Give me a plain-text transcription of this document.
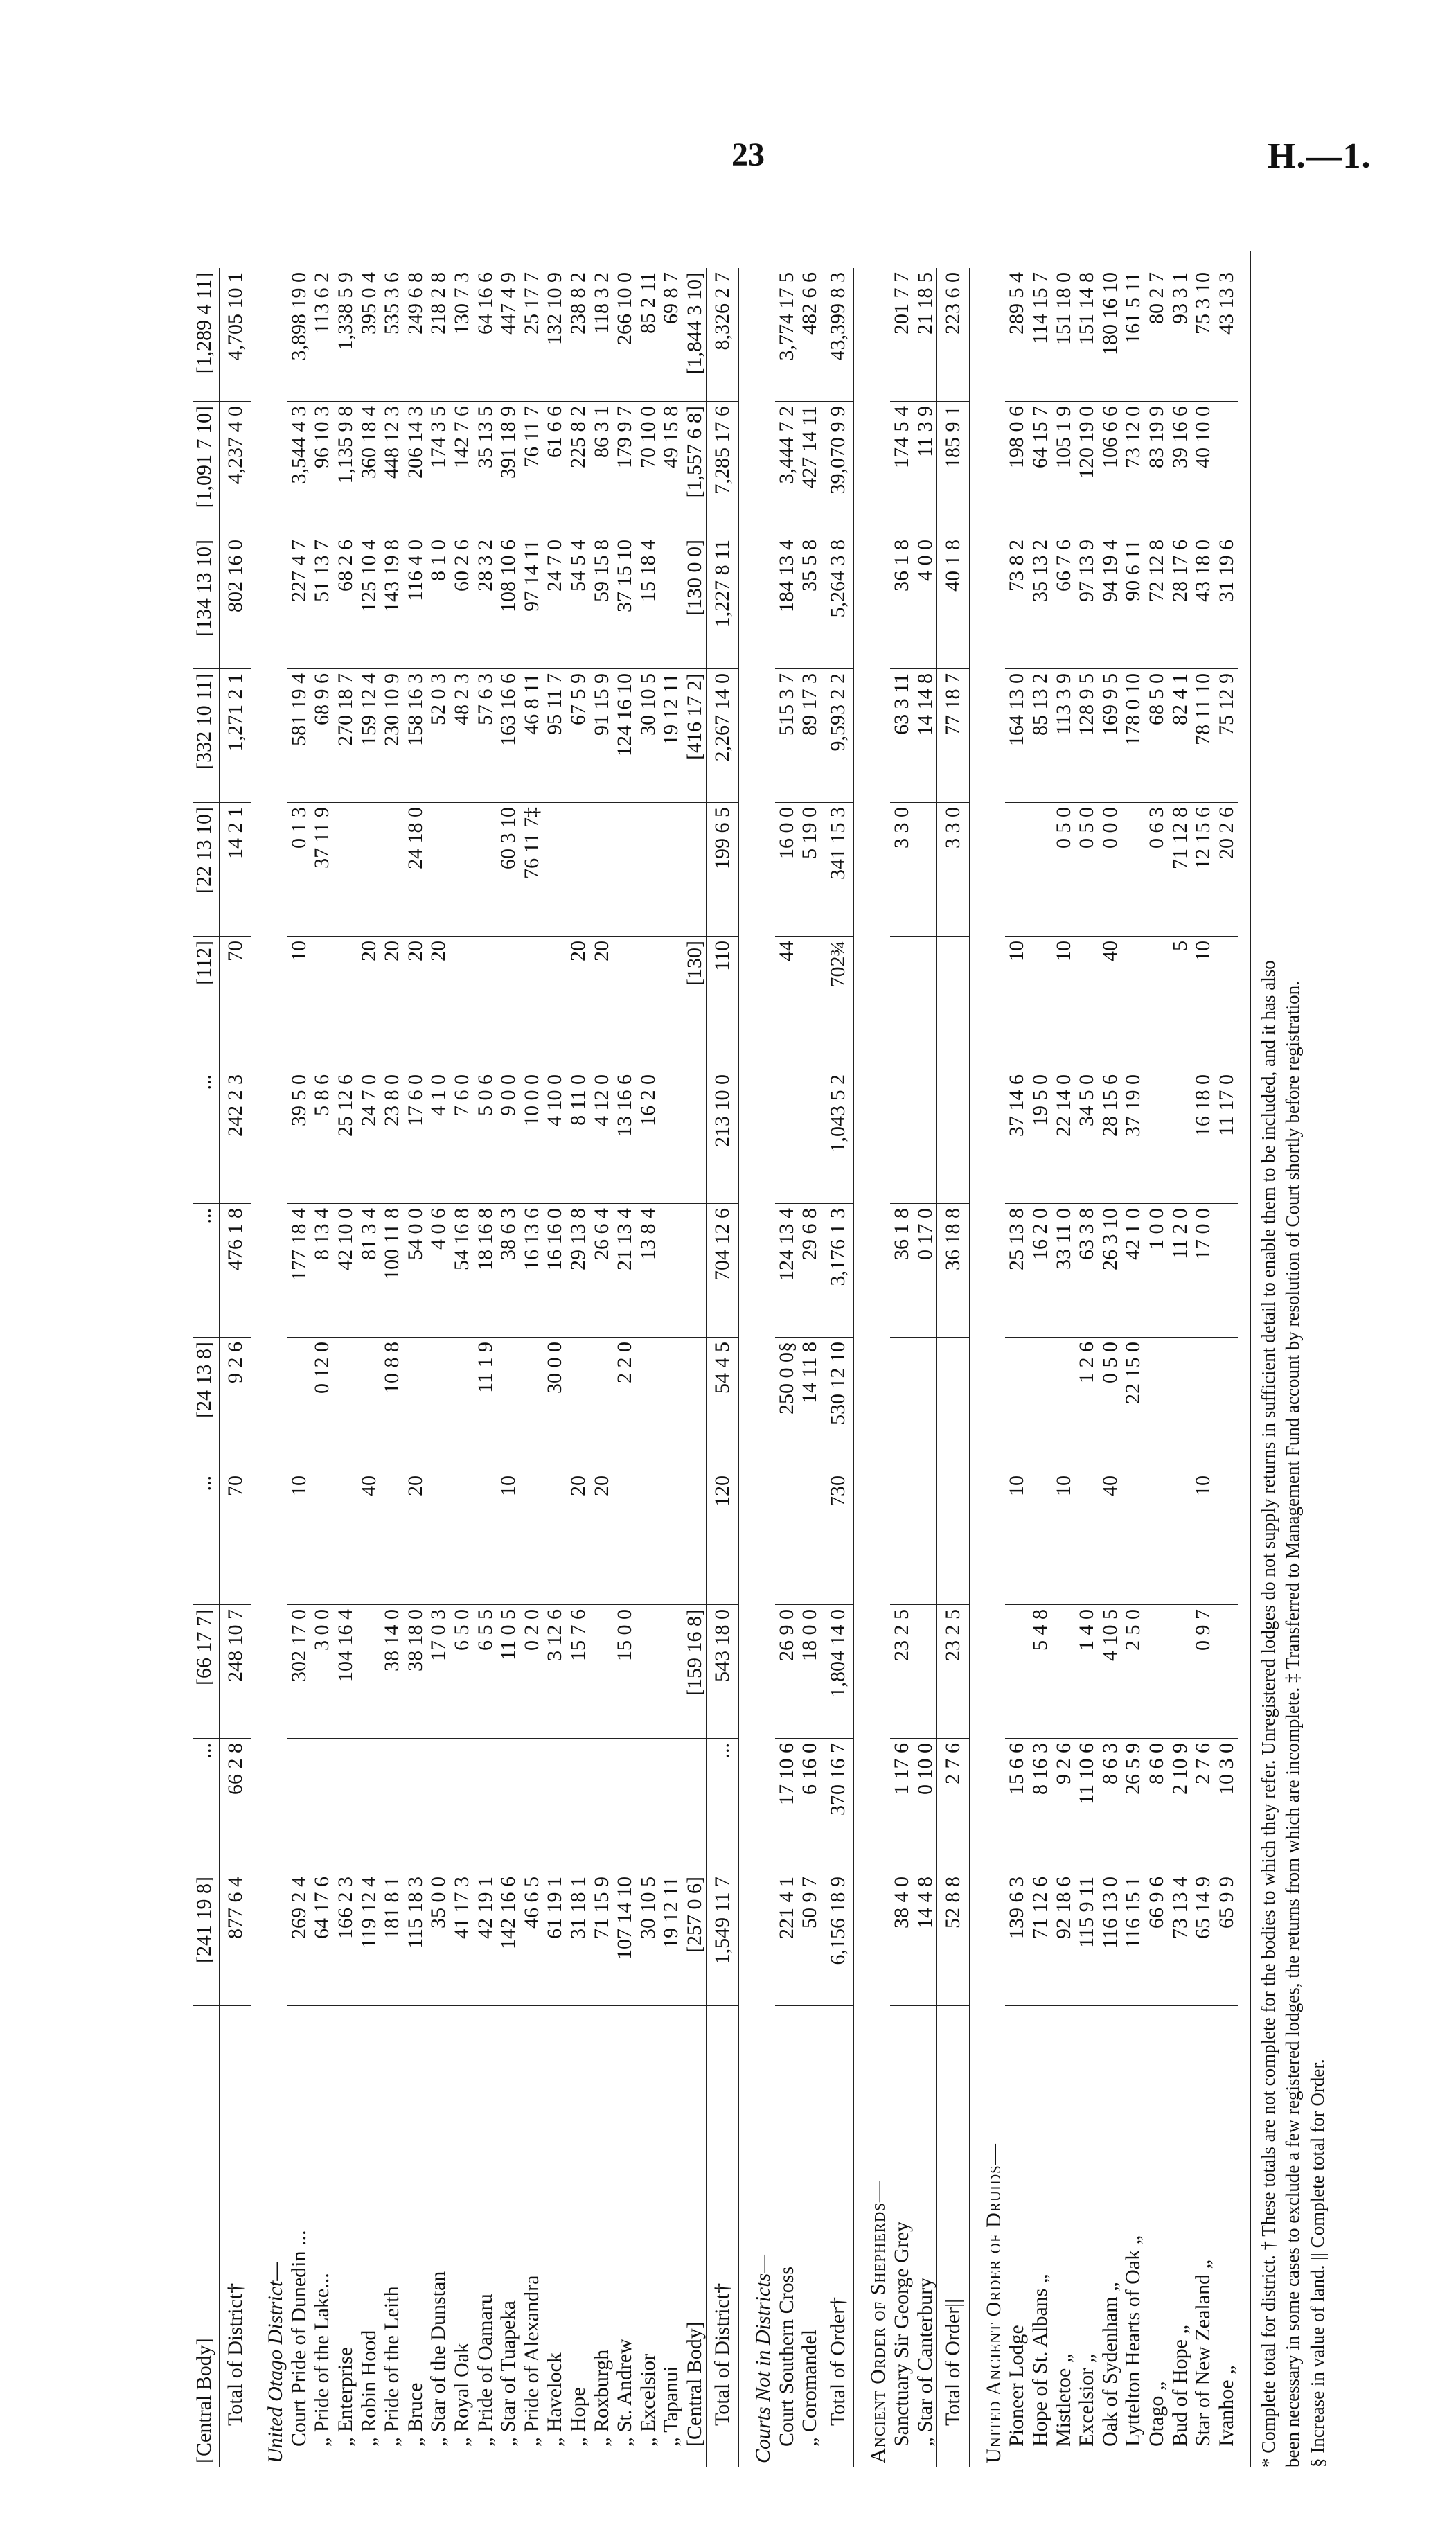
23	H.—1.
[Central Body]	[241 19 8]	...	[66 17 7]	...	[24 13 8]	...	...	[112]	[22 13 10]	[332 10 11]	[134 13 10]	[1,091 7 10]	[1,289 4 11]
Total of District†	877 6 4	66 2 8	248 10 7	70	9 2 6	476 1 8	242 2 3	70	14 2 1	1,271 2 1	802 16 0	4,237 4 0	4,705 10 1
United Otago District—													
Court Pride of Dunedin ...	269 2 4		302 17 0	10		177 18 4	39 5 0	10	0 1 3	581 19 4	227 4 7	3,544 4 3	3,898 19 0
„ Pride of the Lake...	64 17 6		3 0 0		0 12 0	8 13 4	5 8 6		37 11 9	68 9 6	51 13 7	96 10 3	113 6 2
„ Enterprise	166 2 3		104 16 4			42 10 0	25 12 6			270 18 7	68 2 6	1,135 9 8	1,338 5 9
„ Robin Hood	119 12 4			40		81 3 4	24 7 0	20		159 12 4	125 10 4	360 18 4	395 0 4
„ Pride of the Leith	181 8 1		38 14 0		10 8 8	100 11 8	23 8 0	20		230 10 9	143 19 8	448 12 3	535 3 6
„ Bruce	115 18 3		38 18 0	20		54 0 0	17 6 0	20	24 18 0	158 16 3	116 4 0	206 14 3	249 6 8
„ Star of the Dunstan	35 0 0		17 0 3			4 0 6	4 1 0	20		52 0 3	8 1 0	174 3 5	218 2 8
„ Royal Oak	41 17 3		6 5 0			54 16 8	7 6 0			48 2 3	60 2 6	142 7 6	130 7 3
„ Pride of Oamaru	42 19 1		6 5 5		11 1 9	18 16 8	5 0 6			57 6 3	28 3 2	35 13 5	64 16 6
„ Star of Tuapeka	142 16 6		11 0 5	10		38 6 3	9 0 0		60 3 10	163 16 6	108 10 6	391 18 9	447 4 9
„ Pride of Alexandra	46 6 5		0 2 0			16 13 6	10 0 0		76 11 7‡	46 8 11	97 14 11	76 11 7	25 17 7
„ Havelock	61 19 1		3 12 6		30 0 0	16 16 0	4 10 0			95 11 7	24 7 0	61 6 6	132 10 9
„ Hope	31 18 1		15 7 6	20		29 13 8	8 11 0	20		67 5 9	54 5 4	225 8 2	238 8 2
„ Roxburgh	71 15 9			20		26 6 4	4 12 0	20		91 15 9	59 15 8	86 3 1	118 3 2
„ St. Andrew	107 14 10		15 0 0		2 2 0	21 13 4	13 16 6			124 16 10	37 15 10	179 9 7	266 10 0
„ Excelsior	30 10 5					13 8 4	16 2 0			30 10 5	15 18 4	70 10 0	85 2 11
„ Tapanui	19 12 11									19 12 11		49 15 8	69 8 7
[Central Body]	[257 0 6]		[159 16 8]					[130]		[416 17 2]	[130 0 0]	[1,557 6 8]	[1,844 3 10]
Total of District†	1,549 11 7	...	543 18 0	120	54 4 5	704 12 6	213 10 0	110	199 6 5	2,267 14 0	1,227 8 11	7,285 17 6	8,326 2 7
Courts Not in Districts—													
Court Southern Cross	221 4 1	17 10 6	26 9 0		250 0 0§	124 13 4		44	16 0 0	515 3 7	184 13 4	3,444 7 2	3,774 17 5
„ Coromandel	50 9 7	6 16 0	18 0 0		14 11 8	29 6 8			5 19 0	89 17 3	35 5 8	427 14 11	482 6 6
Total of Order†	6,156 18 9	370 16 7	1,804 14 0	730	530 12 10	3,176 1 3	1,043 5 2	702¾	341 15 3	9,593 2 2	5,264 3 8	39,070 9 9	43,399 8 3
Ancient Order of Shepherds—													
Sanctuary Sir George Grey	38 4 0	1 17 6	23 2 5			36 1 8			3 3 0	63 3 11	36 1 8	174 5 4	201 7 7
„ Star of Canterbury	14 4 8	0 10 0				0 17 0				14 14 8	4 0 0	11 3 9	21 18 5
Total of Order||	52 8 8	2 7 6	23 2 5			36 18 8			3 3 0	77 18 7	40 1 8	185 9 1	223 6 0
United Ancient Order of Druids—													
Pioneer Lodge	139 6 3	15 6 6		10		25 13 8	37 14 6	10		164 13 0	73 8 2	198 0 6	289 5 4
Hope of St. Albans „	71 12 6	8 16 3	5 4 8			16 2 0	19 5 0			85 13 2	35 13 2	64 15 7	114 15 7
Mistletoe „	92 18 6	9 2 6		10		33 11 0	22 14 0	10	0 5 0	113 3 9	66 7 6	105 1 9	151 18 0
Excelsior „	115 9 11	11 10 6	1 4 0		1 2 6	63 3 8	34 5 0		0 5 0	128 9 5	97 13 9	120 19 0	151 14 8
Oak of Sydenham „	116 13 0	8 6 3	4 10 5	40	0 5 0	26 3 10	28 15 6	40	0 0 0	169 9 5	94 19 4	106 6 6	180 16 10
Lyttelton Hearts of Oak „	116 15 1	26 5 9	2 5 0		22 15 0	42 1 0	37 19 0			178 0 10	90 6 11	73 12 0	161 5 11
Otago „	66 9 6	8 6 0				1 0 0			0 6 3	68 5 0	72 12 8	83 19 9	80 2 7
Bud of Hope „	73 13 4	2 10 9				11 2 0		5	71 12 8	82 4 1	28 17 6	39 16 6	93 3 1
Star of New Zealand „	65 14 9	2 7 6	0 9 7	10		17 0 0	16 18 0	10	12 15 6	78 11 10	43 18 0	40 10 0	75 3 10
Ivanhoe „	65 9 9	10 3 0					11 17 0		20 2 6	75 12 9	31 19 6		43 13 3
* Complete total for district. † These totals are not complete for the bodies to which they refer. Unregistered lodges do not supply returns in sufficient detail to enable them to be included, and it has also been necessary in some cases to exclude a few registered lodges, the returns from which are incomplete. ‡ Transferred to Management Fund account by resolution of Court shortly before registration. § Increase in value of land. || Complete total for Order.
